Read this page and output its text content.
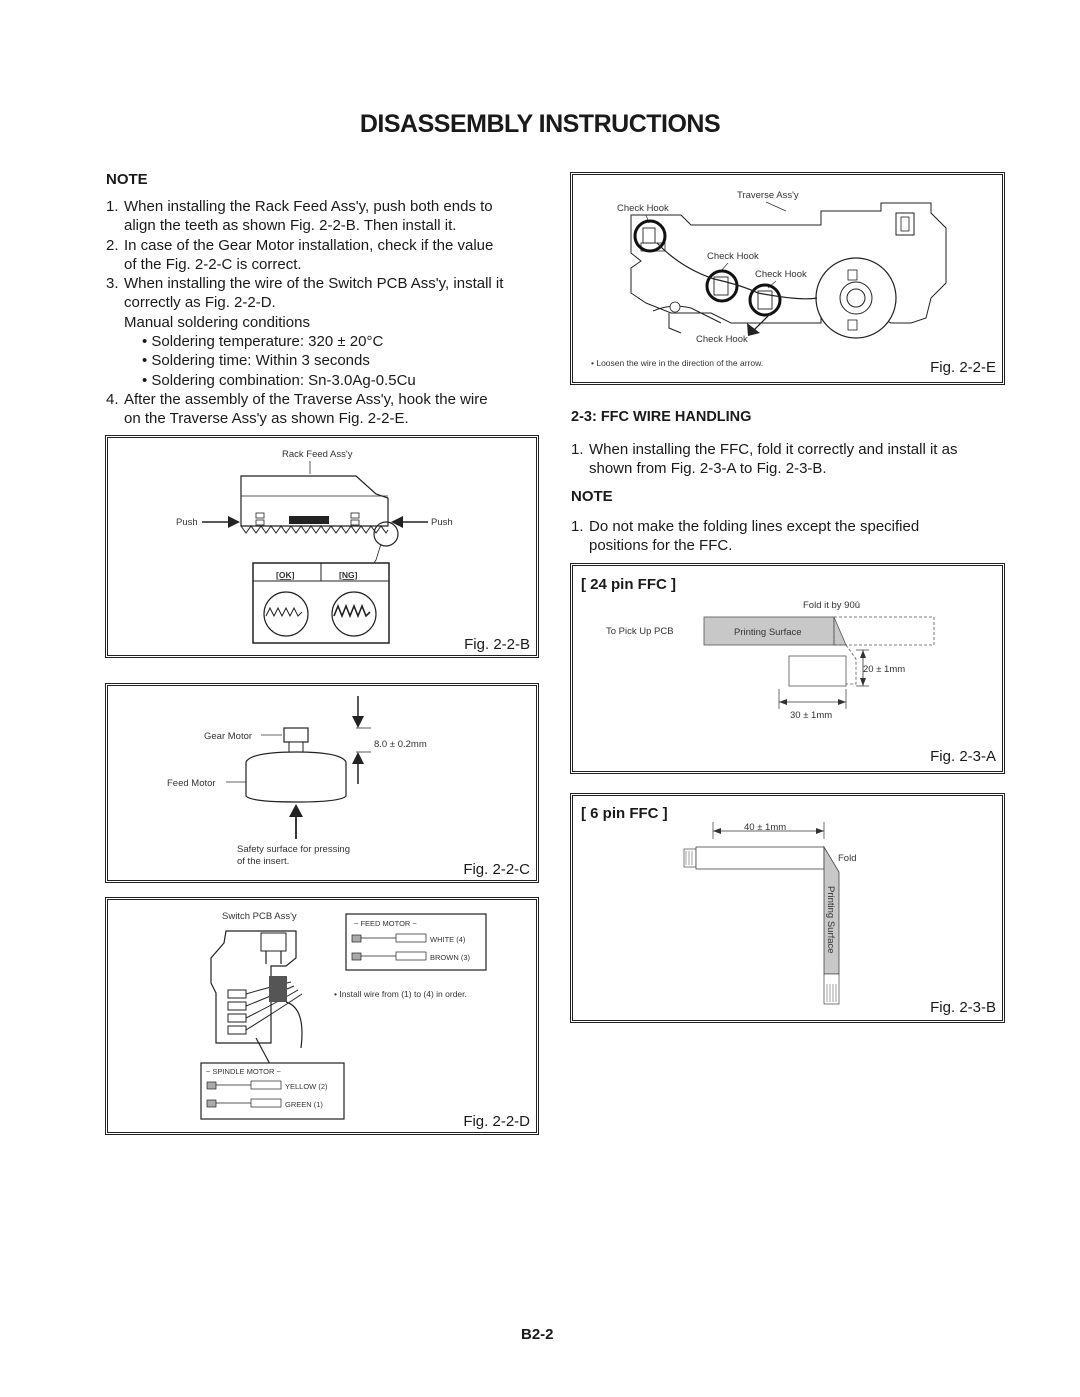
DISASSEMBLY INSTRUCTIONS
NOTE
1. When installing the Rack Feed Ass'y, push both ends to
align the teeth as shown Fig. 2-2-B. Then install it.
2. In case of the Gear Motor installation, check if the value
of the Fig. 2-2-C is correct.
3. When installing the wire of the Switch PCB Ass'y, install it
correctly as Fig. 2-2-D.
Manual soldering conditions
• Soldering temperature: 320 ± 20°C
• Soldering time: Within 3 seconds
• Soldering combination: Sn-3.0Ag-0.5Cu
4. After the assembly of the Traverse Ass'y, hook the wire
on the Traverse Ass'y as shown Fig. 2-2-E.
Rack Feed Ass'y
Push	Push
[OK]	[NG]
Fig. 2-2-B
Gear Motor
Feed Motor
8.0 ± 0.2mm
Safety surface for pressing
of the insert.	Fig. 2-2-C
Switch PCB Ass'y
~ FEED MOTOR ~
WHITE (4)
BROWN (3)
• Install wire from (1) to (4) in order.
~ SPINDLE MOTOR ~
YELLOW (2)
GREEN (1)
Fig. 2-2-D
Traverse Ass'y
Check Hook
Check Hook
Check Hook
Check Hook
• Loosen the wire in the direction of the arrow.	Fig. 2-2-E
2-3: FFC WIRE HANDLING
1. When installing the FFC, fold it correctly and install it as
shown from Fig. 2-3-A to Fig. 2-3-B.
NOTE
1. Do not make the folding lines except the specified
positions for the FFC.
[ 24 pin FFC ]
Fold it by 90û
To Pick Up PCB	Printing Surface
20 ± 1mm
30 ± 1mm
Fig. 2-3-A
[ 6 pin FFC ]
40 ± 1mm
Fold
Printing Surface
Fig. 2-3-B
B2-2
